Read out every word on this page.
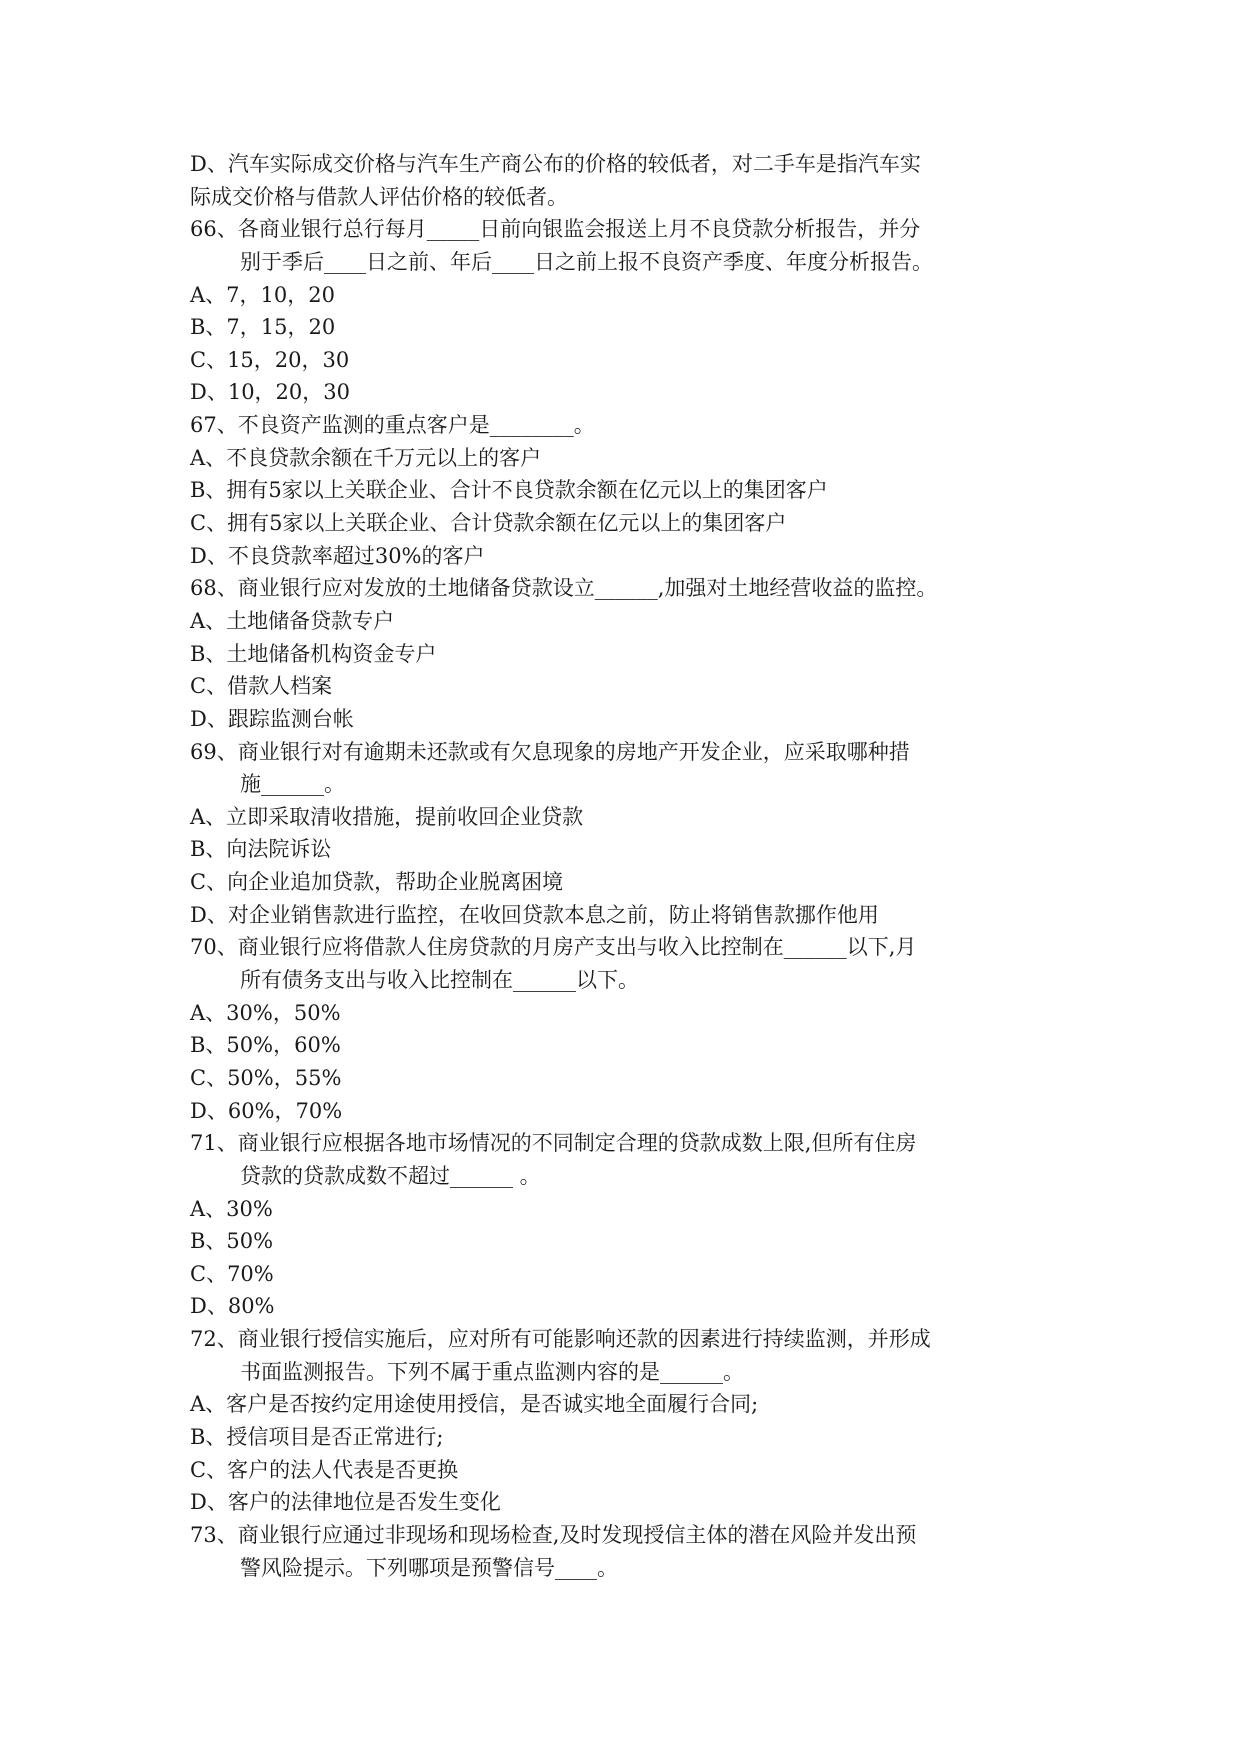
D、汽车实际成交价格与汽车生产商公布的价格的较低者，对二手车是指汽车实
际成交价格与借款人评估价格的较低者。
66、各商业银行总行每月_____日前向银监会报送上月不良贷款分析报告，并分
别于季后____日之前、年后____日之前上报不良资产季度、年度分析报告。
A、7，10，20
B、7，15，20
C、15，20，30
D、10，20，30
67、不良资产监测的重点客户是________。
A、不良贷款余额在千万元以上的客户
B、拥有5家以上关联企业、合计不良贷款余额在亿元以上的集团客户
C、拥有5家以上关联企业、合计贷款余额在亿元以上的集团客户
D、不良贷款率超过30%的客户
68、商业银行应对发放的土地储备贷款设立______,加强对土地经营收益的监控。
A、土地储备贷款专户
B、土地储备机构资金专户
C、借款人档案
D、跟踪监测台帐
69、商业银行对有逾期未还款或有欠息现象的房地产开发企业，应采取哪种措
施______。
A、立即采取清收措施，提前收回企业贷款
B、向法院诉讼
C、向企业追加贷款，帮助企业脱离困境
D、对企业销售款进行监控，在收回贷款本息之前，防止将销售款挪作他用
70、商业银行应将借款人住房贷款的月房产支出与收入比控制在______以下,月
所有债务支出与收入比控制在______以下。
A、30%，50%
B、50%，60%
C、50%，55%
D、60%，70%
71、商业银行应根据各地市场情况的不同制定合理的贷款成数上限,但所有住房
贷款的贷款成数不超过______ 。
A、30%
B、50%
C、70%
D、80%
72、商业银行授信实施后，应对所有可能影响还款的因素进行持续监测，并形成
书面监测报告。下列不属于重点监测内容的是______。
A、客户是否按约定用途使用授信，是否诚实地全面履行合同;
B、授信项目是否正常进行;
C、客户的法人代表是否更换
D、客户的法律地位是否发生变化
73、商业银行应通过非现场和现场检查,及时发现授信主体的潜在风险并发出预
警风险提示。下列哪项是预警信号____。
